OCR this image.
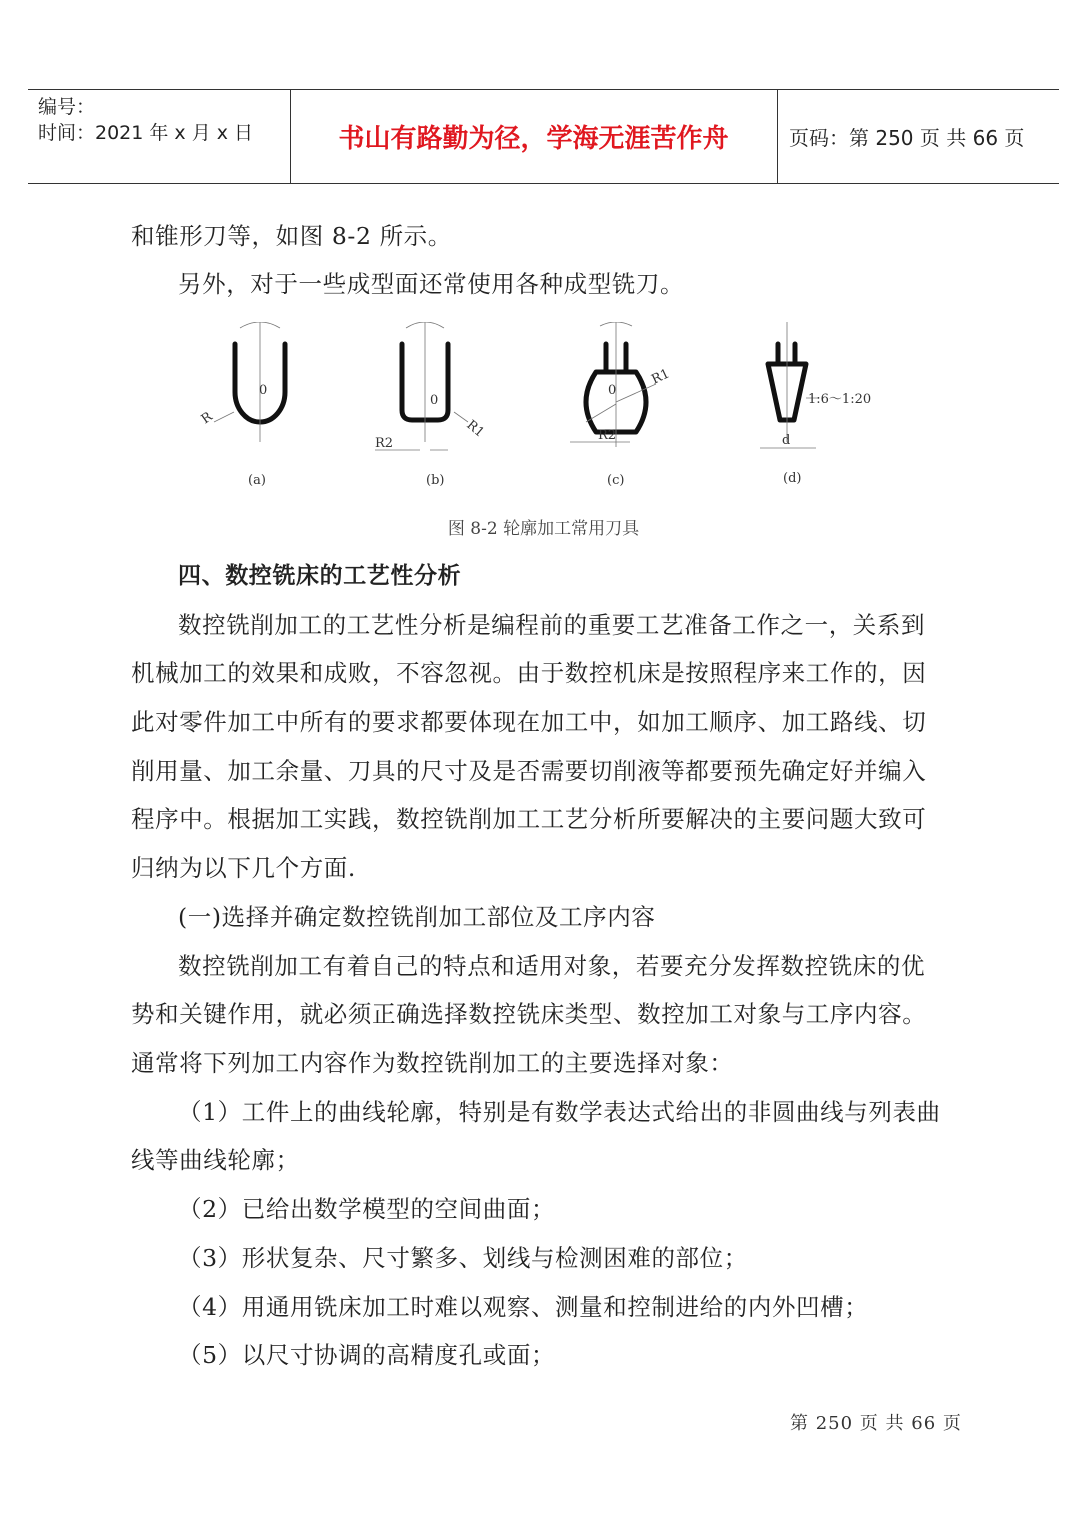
编号：
时间：2021 年 x 月 x 日	书山有路勤为径，学海无涯苦作舟	页码：第 250 页 共 66 页

和锥形刀等，如图 8-2 所示。

另外，对于一些成型面还常使用各种成型铣刀。

R
0
0
R1
R2
0
R1
R2
1:6～1:20
d
(a)	(b)	(c)	(d)
图 8-2 轮廓加工常用刀具

四、数控铣床的工艺性分析

数控铣削加工的工艺性分析是编程前的重要工艺准备工作之一，关系到

机械加工的效果和成败，不容忽视。由于数控机床是按照程序来工作的，因

此对零件加工中所有的要求都要体现在加工中，如加工顺序、加工路线、切

削用量、加工余量、刀具的尺寸及是否需要切削液等都要预先确定好并编入

程序中。根据加工实践，数控铣削加工工艺分析所要解决的主要问题大致可

归纳为以下几个方面.

(一)选择并确定数控铣削加工部位及工序内容

数控铣削加工有着自己的特点和适用对象，若要充分发挥数控铣床的优

势和关键作用，就必须正确选择数控铣床类型、数控加工对象与工序内容。

通常将下列加工内容作为数控铣削加工的主要选择对象：

（1）工件上的曲线轮廓，特别是有数学表达式给出的非圆曲线与列表曲

线等曲线轮廓；

（2）已给出数学模型的空间曲面；

（3）形状复杂、尺寸繁多、划线与检测困难的部位；

（4）用通用铣床加工时难以观察、测量和控制进给的内外凹槽；

（5）以尺寸协调的高精度孔或面；

第 250 页 共 66 页
